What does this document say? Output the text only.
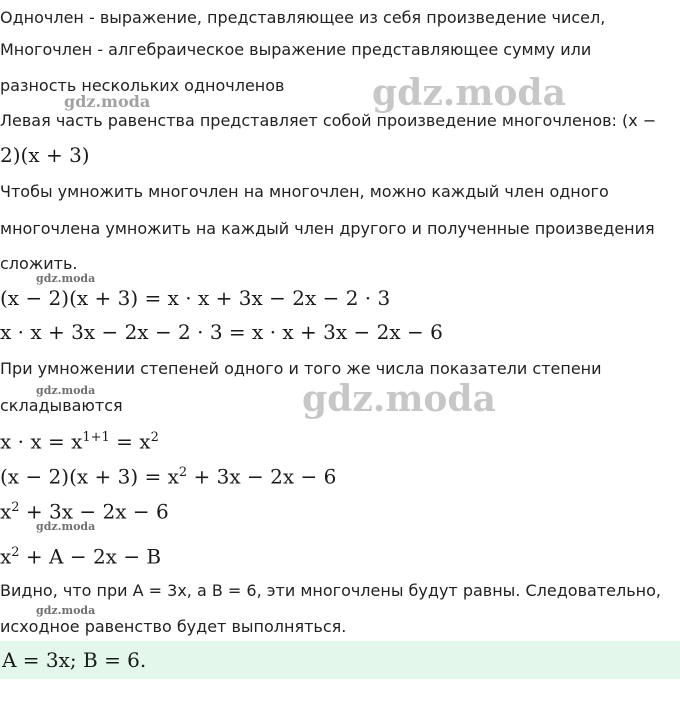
gdz.moda
gdz.moda
gdz.moda
gdz.moda
gdz.moda
gdz.moda
gdz.moda

Одночлен - выражение, представляющее из себя произведение чисел,

Многочлен - алгебраическое выражение представляющее сумму или

разность нескольких одночленов

Левая часть равенства представляет собой произведение многочленов: (x −

2)(x + 3)

Чтобы умножить многочлен на многочлен, можно каждый член одного

многочлена умножить на каждый член другого и полученные произведения

сложить.

(x − 2)(x + 3) = x · x + 3x − 2x − 2 · 3

x · x + 3x − 2x − 2 · 3 = x · x + 3x − 2x − 6

При умножении степеней одного и того же числа показатели степени

складываются

$x \cdot x = x^{1+1} = x^2$

$(x - 2)(x + 3) = x^2 + 3x - 2x - 6$

$x^2 + 3x - 2x - 6$

$x^2 + A - 2x - B$

Видно, что при A = 3x, а B = 6, эти многочлены будут равны. Следовательно,

исходное равенство будет выполняться.

A = 3x; B = 6.
